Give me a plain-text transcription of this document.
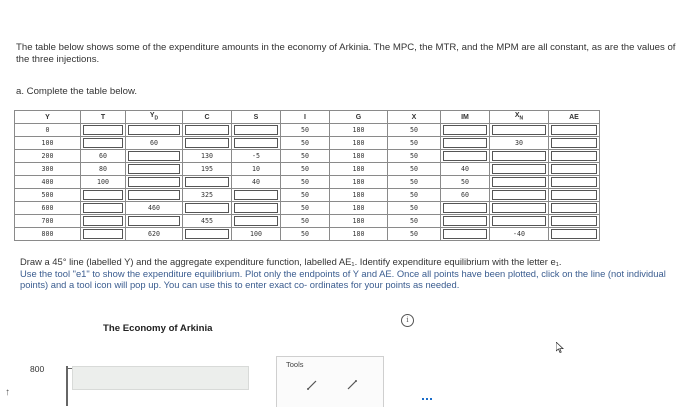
The table below shows some of the expenditure amounts in the economy of Arkinia. The MPC, the MTR, and the MPM are all constant, as are the values of the three injections.
a. Complete the table below.
Y	T	$Y_D$	C	S	I	G	X	IM	$X_N$	AE
0					50	180	50	

100		60			50	180	50		30	

200	60		130	-5	50	180	50	

300	80		195	10	50	180	50	40	

400	100			40	50	180	50	50	

500			325		50	180	50	60	

600		460			50	180	50	

700			455		50	180	50	

800		620		100	50	180	50		-40	
Draw a 45° line (labelled Y) and the aggregate expenditure function, labelled AE₁. Identify expenditure equilibrium with the letter e₁.
Use the tool "e1" to show the expenditure equilibrium. Plot only the endpoints of Y and AE. Once all points have been plotted, click on the line (not individual points) and a tool icon will pop up. You can use this to enter exact co- ordinates for your points as needed.
i
The Economy of Arkinia
800
↑
Tools
